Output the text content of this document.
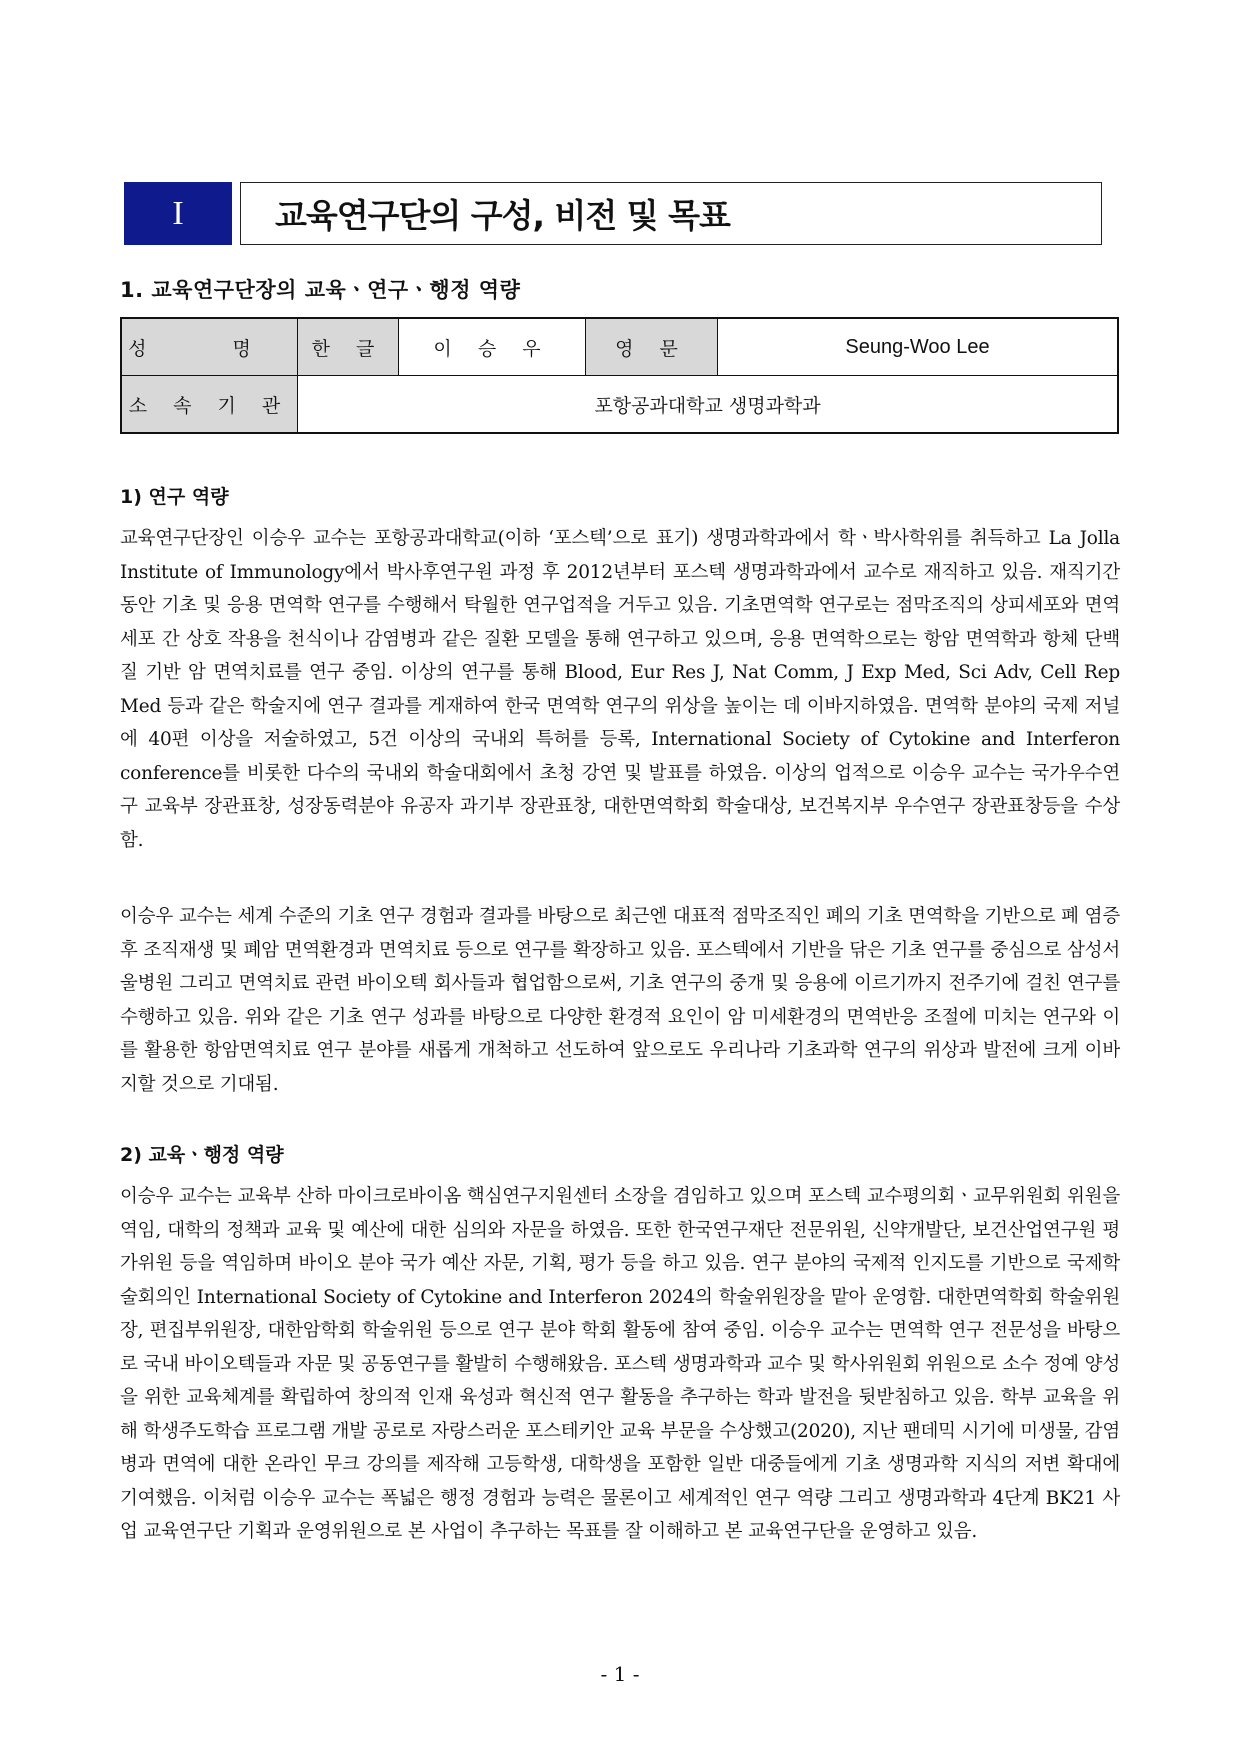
I	교육연구단의 구성, 비전 및 목표
1. 교육연구단장의 교육ㆍ연구ㆍ행정 역량
성 명	한 글	이 승 우	영 문	Seung-Woo Lee
소 속 기 관	포항공과대학교 생명과학과			
1) 연구 역량

교육연구단장인 이승우 교수는 포항공과대학교(이하 ‘포스텍’으로 표기) 생명과학과에서 학ㆍ박사학위를 취득하고 La Jolla Institute of Immunology에서 박사후연구원 과정 후 2012년부터 포스텍 생명과학과에서 교수로 재직하고 있음. 재직기간 동안 기초 및 응용 면역학 연구를 수행해서 탁월한 연구업적을 거두고 있음. 기초면역학 연구로는 점막조직의 상피세포와 면역세포 간 상호 작용을 천식이나 감염병과 같은 질환 모델을 통해 연구하고 있으며, 응용 면역학으로는 항암 면역학과 항체 단백질 기반 암 면역치료를 연구 중임. 이상의 연구를 통해 Blood, Eur Res J, Nat Comm, J Exp Med, Sci Adv, Cell Rep Med 등과 같은 학술지에 연구 결과를 게재하여 한국 면역학 연구의 위상을 높이는 데 이바지하였음. 면역학 분야의 국제 저널에 40편 이상을 저술하였고, 5건 이상의 국내외 특허를 등록, International Society of Cytokine and Interferon conference를 비롯한 다수의 국내외 학술대회에서 초청 강연 및 발표를 하였음. 이상의 업적으로 이승우 교수는 국가우수연구 교육부 장관표창, 성장동력분야 유공자 과기부 장관표창, 대한면역학회 학술대상, 보건복지부 우수연구 장관표창등을 수상함.

이승우 교수는 세계 수준의 기초 연구 경험과 결과를 바탕으로 최근엔 대표적 점막조직인 폐의 기초 면역학을 기반으로 폐 염증 후 조직재생 및 폐암 면역환경과 면역치료 등으로 연구를 확장하고 있음. 포스텍에서 기반을 닦은 기초 연구를 중심으로 삼성서울병원 그리고 면역치료 관련 바이오텍 회사들과 협업함으로써, 기초 연구의 중개 및 응용에 이르기까지 전주기에 걸친 연구를 수행하고 있음. 위와 같은 기초 연구 성과를 바탕으로 다양한 환경적 요인이 암 미세환경의 면역반응 조절에 미치는 연구와 이를 활용한 항암면역치료 연구 분야를 새롭게 개척하고 선도하여 앞으로도 우리나라 기초과학 연구의 위상과 발전에 크게 이바지할 것으로 기대됨.

2) 교육ㆍ행정 역량

이승우 교수는 교육부 산하 마이크로바이옴 핵심연구지원센터 소장을 겸임하고 있으며 포스텍 교수평의회ㆍ교무위원회 위원을 역임, 대학의 정책과 교육 및 예산에 대한 심의와 자문을 하였음. 또한 한국연구재단 전문위원, 신약개발단, 보건산업연구원 평가위원 등을 역임하며 바이오 분야 국가 예산 자문, 기획, 평가 등을 하고 있음. 연구 분야의 국제적 인지도를 기반으로 국제학술회의인 International Society of Cytokine and Interferon 2024의 학술위원장을 맡아 운영함. 대한면역학회 학술위원장, 편집부위원장, 대한암학회 학술위원 등으로 연구 분야 학회 활동에 참여 중임. 이승우 교수는 면역학 연구 전문성을 바탕으로 국내 바이오텍들과 자문 및 공동연구를 활발히 수행해왔음. 포스텍 생명과학과 교수 및 학사위원회 위원으로 소수 정예 양성을 위한 교육체계를 확립하여 창의적 인재 육성과 혁신적 연구 활동을 추구하는 학과 발전을 뒷받침하고 있음. 학부 교육을 위해 학생주도학습 프로그램 개발 공로로 자랑스러운 포스테키안 교육 부문을 수상했고(2020), 지난 팬데믹 시기에 미생물, 감염병과 면역에 대한 온라인 무크 강의를 제작해 고등학생, 대학생을 포함한 일반 대중들에게 기초 생명과학 지식의 저변 확대에 기여했음. 이처럼 이승우 교수는 폭넓은 행정 경험과 능력은 물론이고 세계적인 연구 역량 그리고 생명과학과 4단계 BK21 사업 교육연구단 기획과 운영위원으로 본 사업이 추구하는 목표를 잘 이해하고 본 교육연구단을 운영하고 있음.

- 1 -
